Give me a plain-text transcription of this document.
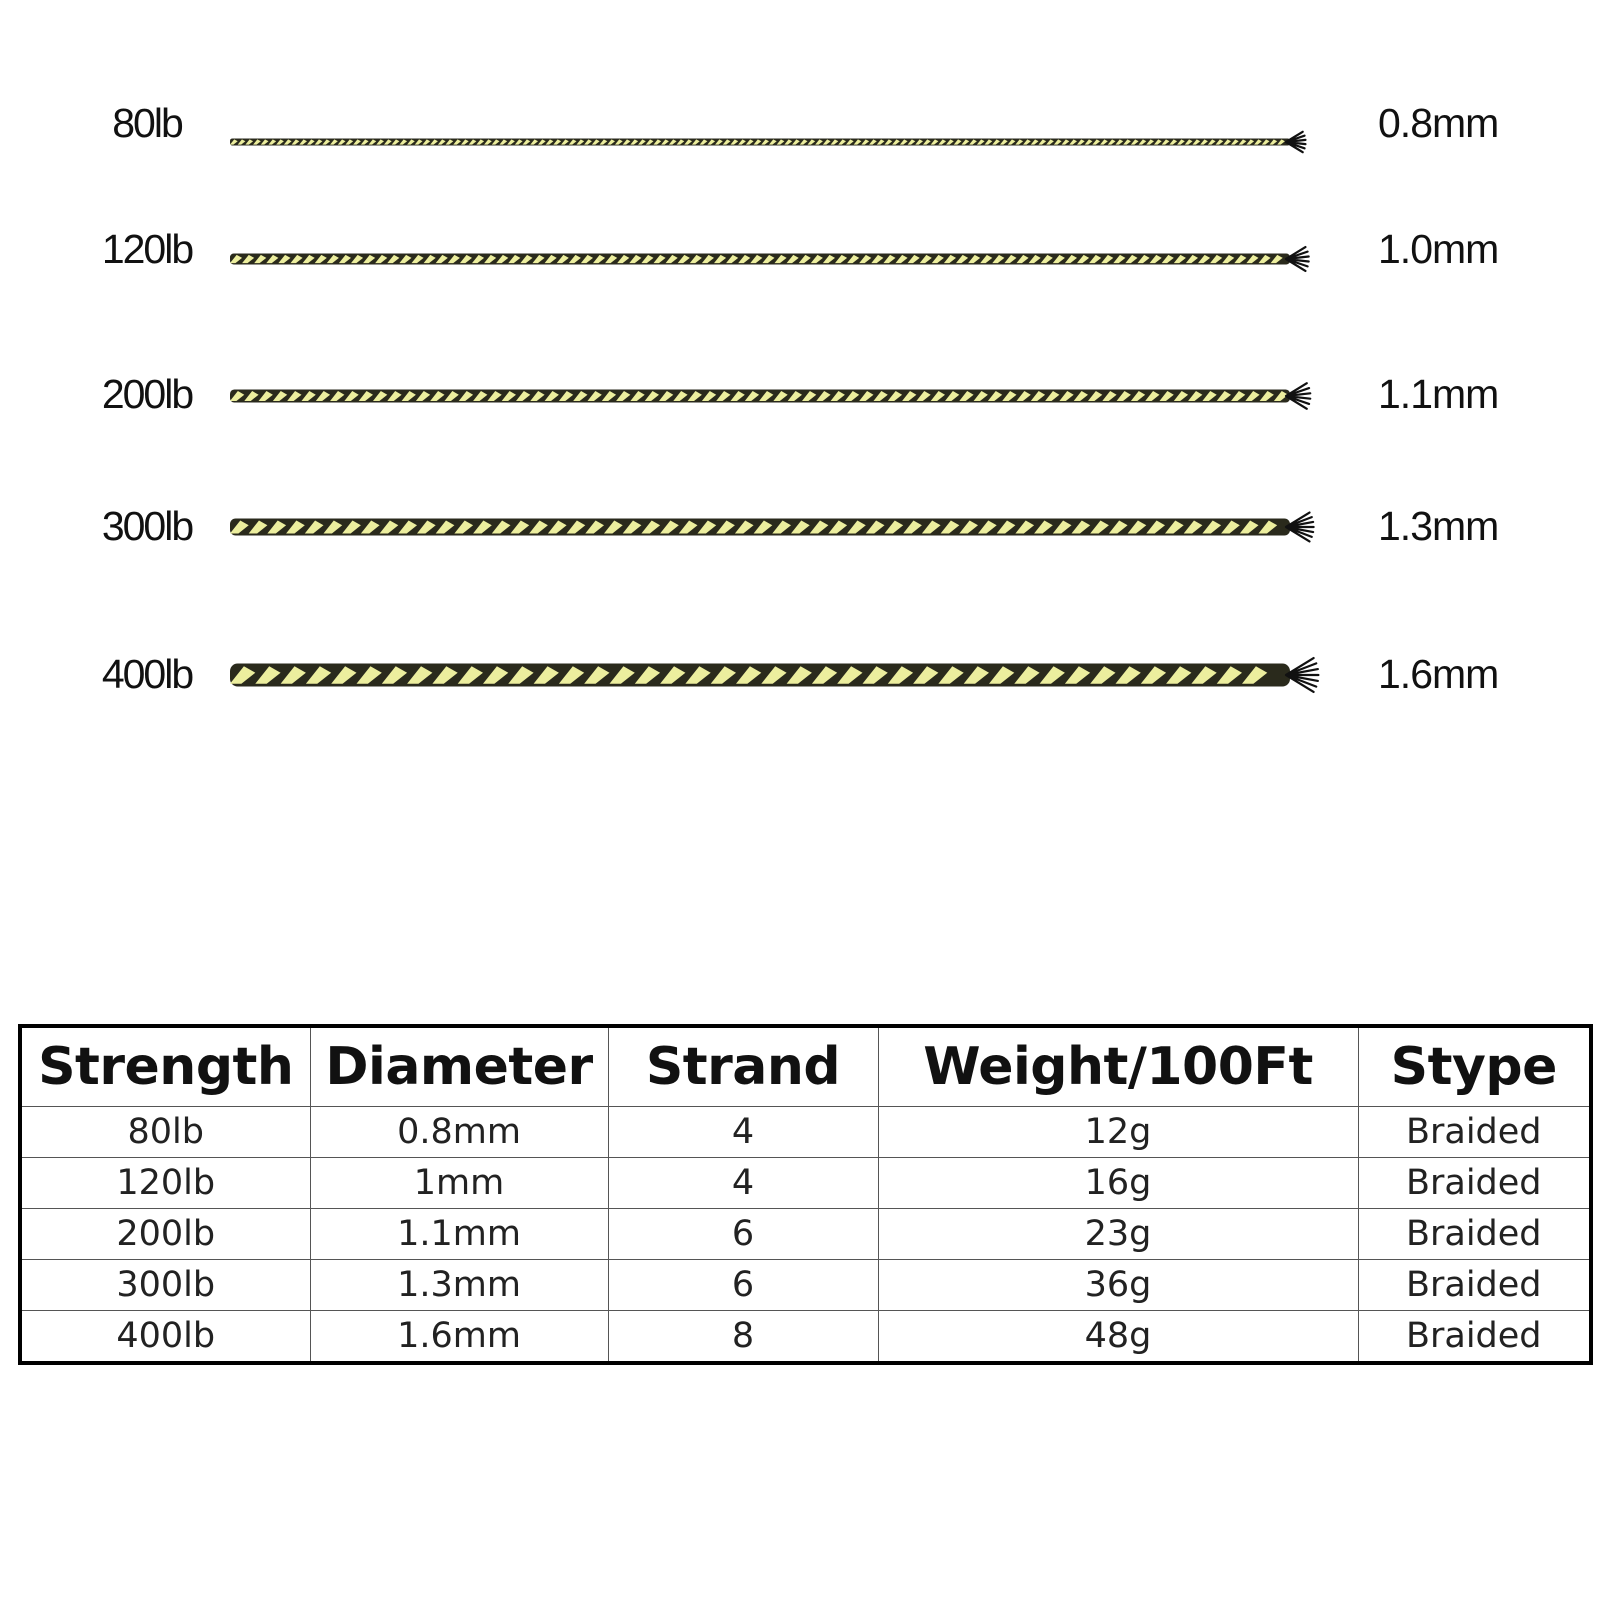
80lb	0.8mm
120lb	1.0mm
200lb	1.1mm
300lb	1.3mm
400lb	1.6mm
Strength	Diameter	Strand	Weight/100Ft	Stype
80lb	0.8mm	4	12g	Braided
120lb	1mm	4	16g	Braided
200lb	1.1mm	6	23g	Braided
300lb	1.3mm	6	36g	Braided
400lb	1.6mm	8	48g	Braided
